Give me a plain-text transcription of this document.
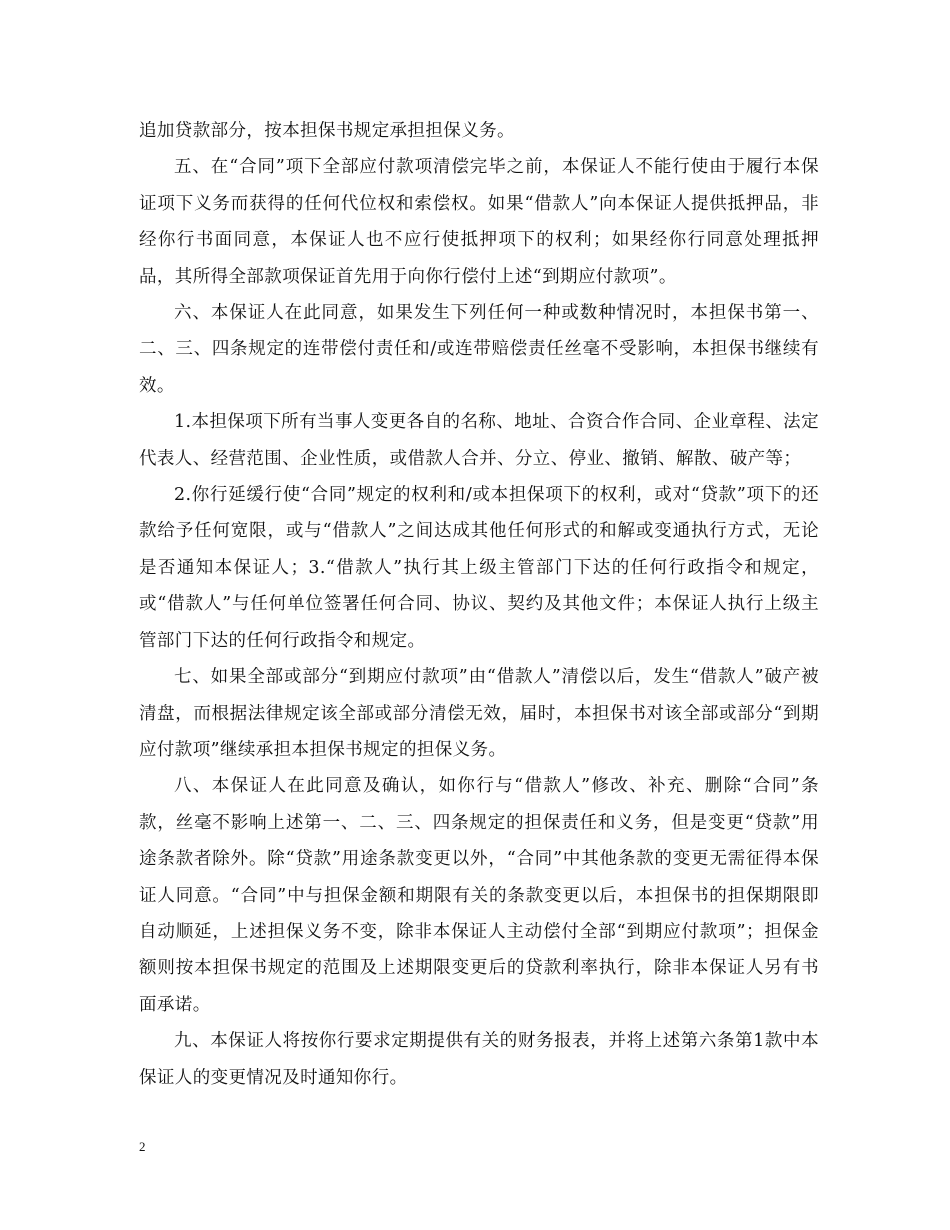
追加贷款部分，按本担保书规定承担担保义务。

五、在“合同”项下全部应付款项清偿完毕之前，本保证人不能行使由于履行本保证项下义务而获得的任何代位权和索偿权。如果“借款人”向本保证人提供抵押品，非经你行书面同意，本保证人也不应行使抵押项下的权利；如果经你行同意处理抵押品，其所得全部款项保证首先用于向你行偿付上述“到期应付款项”。

六、本保证人在此同意，如果发生下列任何一种或数种情况时，本担保书第一、二、三、四条规定的连带偿付责任和/或连带赔偿责任丝毫不受影响，本担保书继续有效。

1.本担保项下所有当事人变更各自的名称、地址、合资合作合同、企业章程、法定代表人、经营范围、企业性质，或借款人合并、分立、停业、撤销、解散、破产等；

2.你行延缓行使“合同”规定的权利和/或本担保项下的权利，或对“贷款”项下的还款给予任何宽限，或与“借款人”之间达成其他任何形式的和解或变通执行方式，无论是否通知本保证人；3.“借款人”执行其上级主管部门下达的任何行政指令和规定，或“借款人”与任何单位签署任何合同、协议、契约及其他文件；本保证人执行上级主管部门下达的任何行政指令和规定。

七、如果全部或部分“到期应付款项”由“借款人”清偿以后，发生“借款人”破产被清盘，而根据法律规定该全部或部分清偿无效，届时，本担保书对该全部或部分“到期应付款项”继续承担本担保书规定的担保义务。

八、本保证人在此同意及确认，如你行与“借款人”修改、补充、删除“合同”条款，丝毫不影响上述第一、二、三、四条规定的担保责任和义务，但是变更“贷款”用途条款者除外。除“贷款”用途条款变更以外，“合同”中其他条款的变更无需征得本保证人同意。“合同”中与担保金额和期限有关的条款变更以后，本担保书的担保期限即自动顺延，上述担保义务不变，除非本保证人主动偿付全部“到期应付款项”；担保金额则按本担保书规定的范围及上述期限变更后的贷款利率执行，除非本保证人另有书面承诺。

九、本保证人将按你行要求定期提供有关的财务报表，并将上述第六条第1款中本保证人的变更情况及时通知你行。

2
